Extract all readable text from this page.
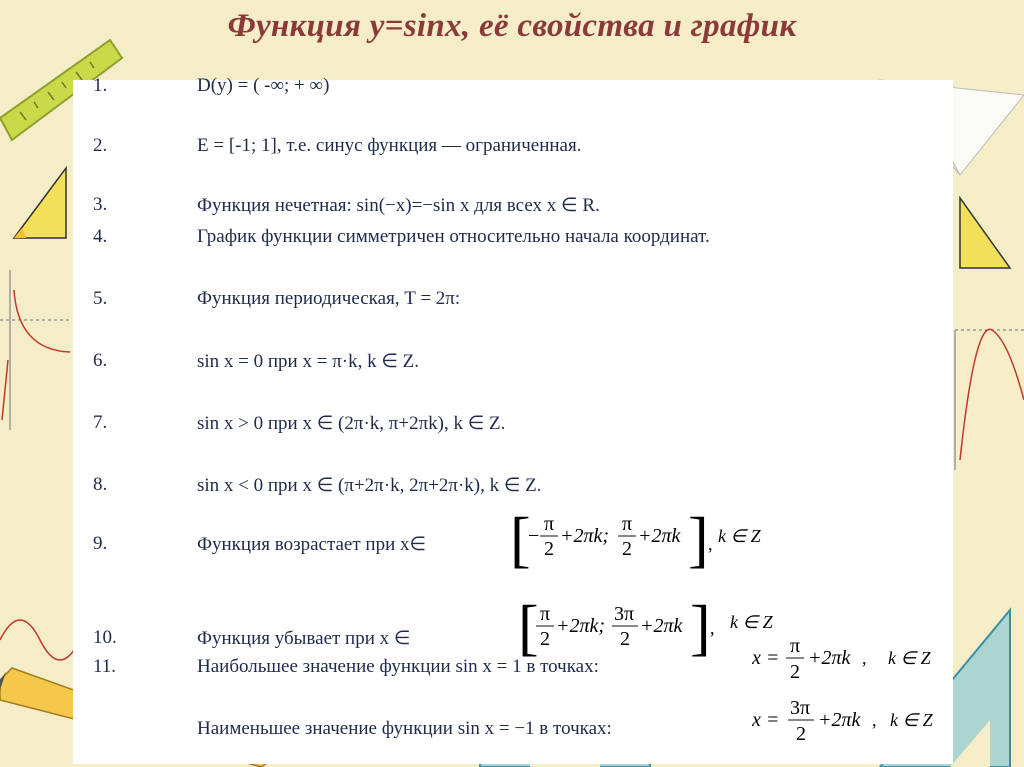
Функция y=sinx, её свойства и график
1.	D(y) = ( -∞; + ∞)
2.	E = [-1; 1], т.е. синус функция — ограниченная.
3.	Функция нечетная: sin(−x)=−sin x для всех x ∈ R.
4.	График функции симметричен относительно начала координат.
5.	Функция периодическая, T = 2π:
6.	sin x = 0 при x = π·k, k ∈ Z.
7.	sin x > 0 при x ∈ (2π·k, π+2πk), k ∈ Z.
8.	sin x < 0 при x ∈ (π+2π·k, 2π+2π·k), k ∈ Z.
9.	Функция возрастает при x∈
10.	Функция убывает при x ∈
11.	Наибольшее значение функции sin x = 1 в точках:
Наименьшее значение функции sin x = −1 в точках:
[
−
π
2
+2πk;
π
2
+2πk ] , k ∈ Z
[ π
2
+2πk;
3π
2
+2πk ] , k ∈ Z
x =
π
2
+2πk , k ∈ Z
x =
3π
2
+2πk , k ∈ Z
